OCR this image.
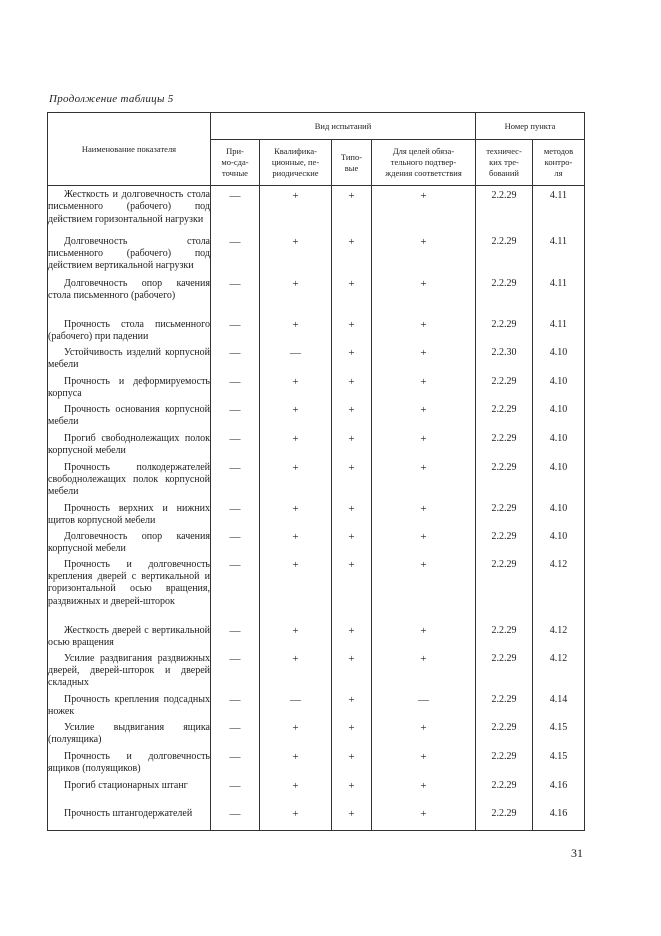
Продолжение таблицы 5
Наименование показателя	Вид испытаний				Номер пункта	
	При-
мо-сда-
точные	Квалифика-
ционные, пе-
риодические	Типо-
вые	Для целей обяза-
тельного подтвер-
ждения соответствия	техничес-
ких тре-
бований	методов
контро-
ля
Жесткость и долговечность стола письменного (рабочего) под действием горизонтальной нагрузки	—	+	+	+	2.2.29	4.11
Долговечность стола письменного (рабочего) под действием вертикальной нагрузки	—	+	+	+	2.2.29	4.11
Долговечность опор качения стола письменного (рабочего)	—	+	+	+	2.2.29	4.11
Прочность стола письменного (рабочего) при падении	—	+	+	+	2.2.29	4.11
Устойчивость изделий корпусной мебели	—	—	+	+	2.2.30	4.10
Прочность и деформируемость корпуса	—	+	+	+	2.2.29	4.10
Прочность основания корпусной мебели	—	+	+	+	2.2.29	4.10
Прогиб свободнолежащих полок корпусной мебели	—	+	+	+	2.2.29	4.10
Прочность полкодержателей свободнолежащих полок корпусной мебели	—	+	+	+	2.2.29	4.10
Прочность верхних и нижних щитов корпусной мебели	—	+	+	+	2.2.29	4.10
Долговечность опор качения корпусной мебели	—	+	+	+	2.2.29	4.10
Прочность и долговечность крепления дверей с вертикальной и горизонтальной осью вращения, раздвижных и дверей-шторок	—	+	+	+	2.2.29	4.12
Жесткость дверей с вертикальной осью вращения	—	+	+	+	2.2.29	4.12
Усилие раздвигания раздвижных дверей, дверей-шторок и дверей складных	—	+	+	+	2.2.29	4.12
Прочность крепления подсадных ножек	—	—	+	—	2.2.29	4.14
Усилие выдвигания ящика (полуящика)	—	+	+	+	2.2.29	4.15
Прочность и долговечность ящиков (полуящиков)	—	+	+	+	2.2.29	4.15
Прогиб стационарных штанг	—	+	+	+	2.2.29	4.16
Прочность штангодержателей	—	+	+	+	2.2.29	4.16
31
